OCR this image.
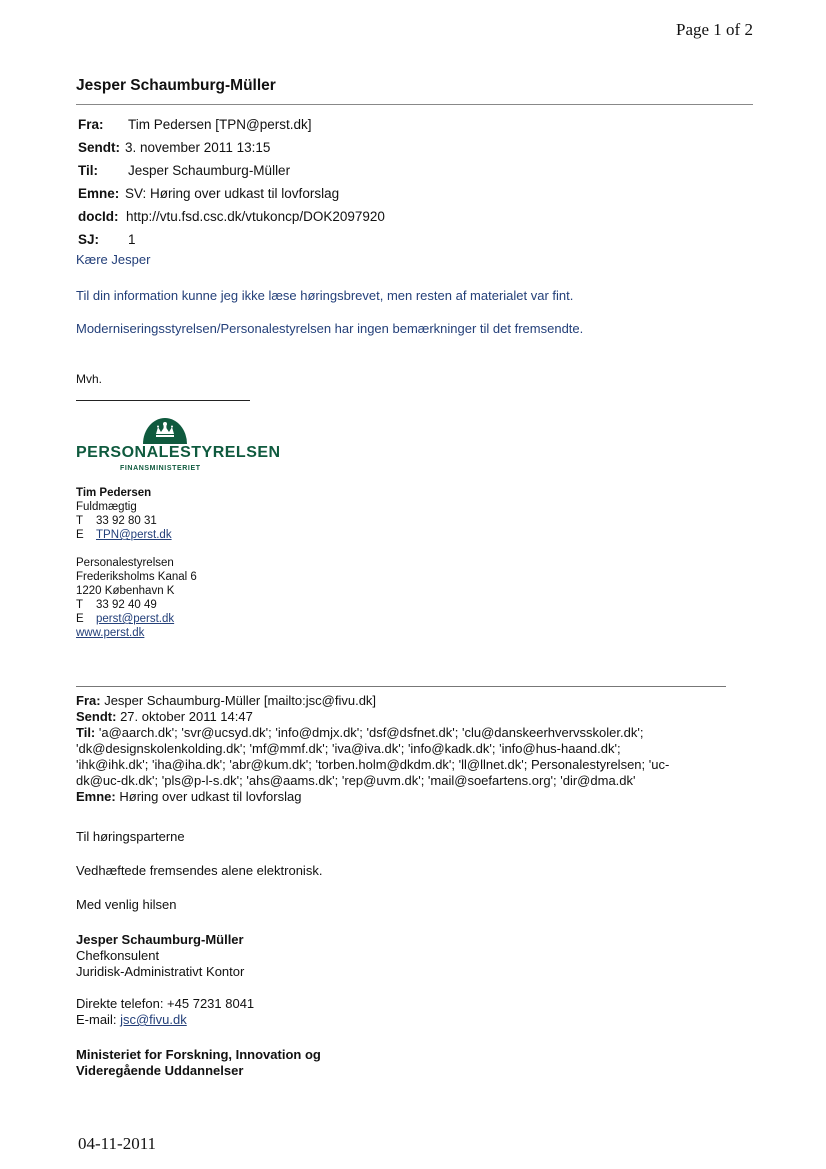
Page 1 of 2
Jesper Schaumburg-Müller
Fra: Tim Pedersen [TPN@perst.dk]
Sendt: 3. november 2011 13:15
Til: Jesper Schaumburg-Müller
Emne: SV: Høring over udkast til lovforslag
docId: http://vtu.fsd.csc.dk/vtukoncp/DOK2097920
SJ: 1
Kære Jesper
Til din information kunne jeg ikke læse høringsbrevet, men resten af materialet var fint.
Moderniseringsstyrelsen/Personalestyrelsen har ingen bemærkninger til det fremsendte.
Mvh.
PERSONALESTYRELSEN
FINANSMINISTERIET
Tim Pedersen
Fuldmægtig
T 33 92 80 31
E TPN@perst.dk
Personalestyrelsen
Frederiksholms Kanal 6
1220 København K
T 33 92 40 49
E perst@perst.dk
www.perst.dk
Fra: Jesper Schaumburg-Müller [mailto:jsc@fivu.dk]
Sendt: 27. oktober 2011 14:47
Til: 'a@aarch.dk'; 'svr@ucsyd.dk'; 'info@dmjx.dk'; 'dsf@dsfnet.dk'; 'clu@danskeerhvervsskoler.dk';
'dk@designskolenkolding.dk'; 'mf@mmf.dk'; 'iva@iva.dk'; 'info@kadk.dk'; 'info@hus-haand.dk';
'ihk@ihk.dk'; 'iha@iha.dk'; 'abr@kum.dk'; 'torben.holm@dkdm.dk'; 'll@llnet.dk'; Personalestyrelsen; 'uc-
dk@uc-dk.dk'; 'pls@p-l-s.dk'; 'ahs@aams.dk'; 'rep@uvm.dk'; 'mail@soefartens.org'; 'dir@dma.dk'
Emne: Høring over udkast til lovforslag
Til høringsparterne
Vedhæftede fremsendes alene elektronisk.
Med venlig hilsen
Jesper Schaumburg-Müller
Chefkonsulent
Juridisk-Administrativt Kontor
Direkte telefon: +45 7231 8041
E-mail: jsc@fivu.dk
Ministeriet for Forskning, Innovation og
Videregående Uddannelser
04-11-2011
